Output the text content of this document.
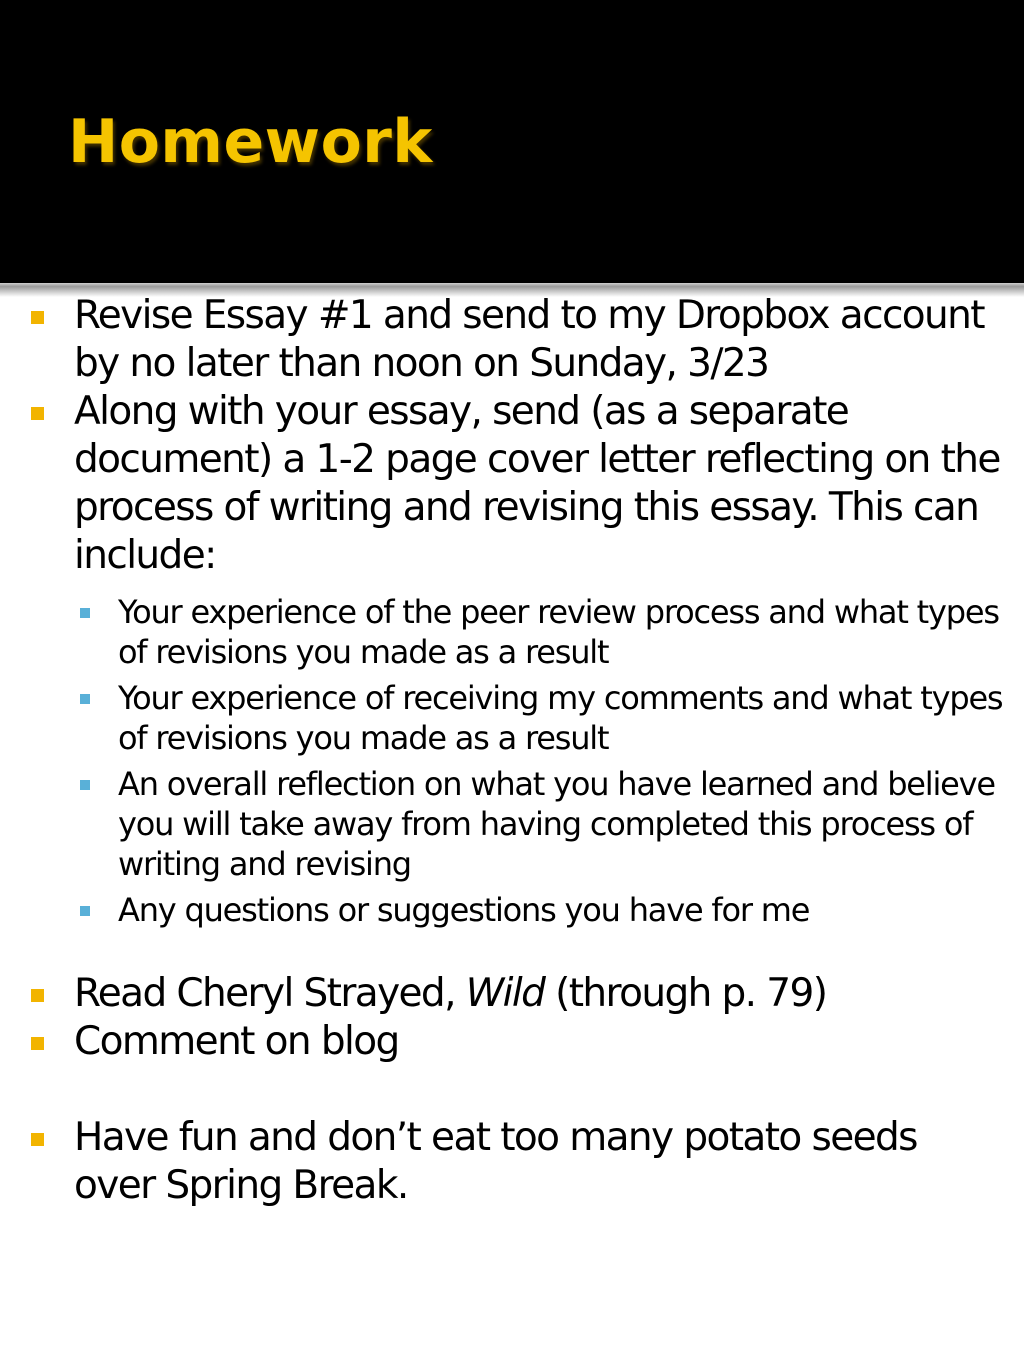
Homework

Revise Essay #1 and send to my Dropbox account by no later than noon on Sunday, 3/23

Along with your essay, send (as a separate document) a 1-2 page cover letter reflecting on the process of writing and revising this essay. This can include:

Your experience of the peer review process and what types of revisions you made as a result

Your experience of receiving my comments and what types of revisions you made as a result

An overall reflection on what you have learned and believe you will take away from having completed this process of writing and revising

Any questions or suggestions you have for me

Read Cheryl Strayed, Wild (through p. 79)

Comment on blog

Have fun and don’t eat too many potato seeds over Spring Break.
